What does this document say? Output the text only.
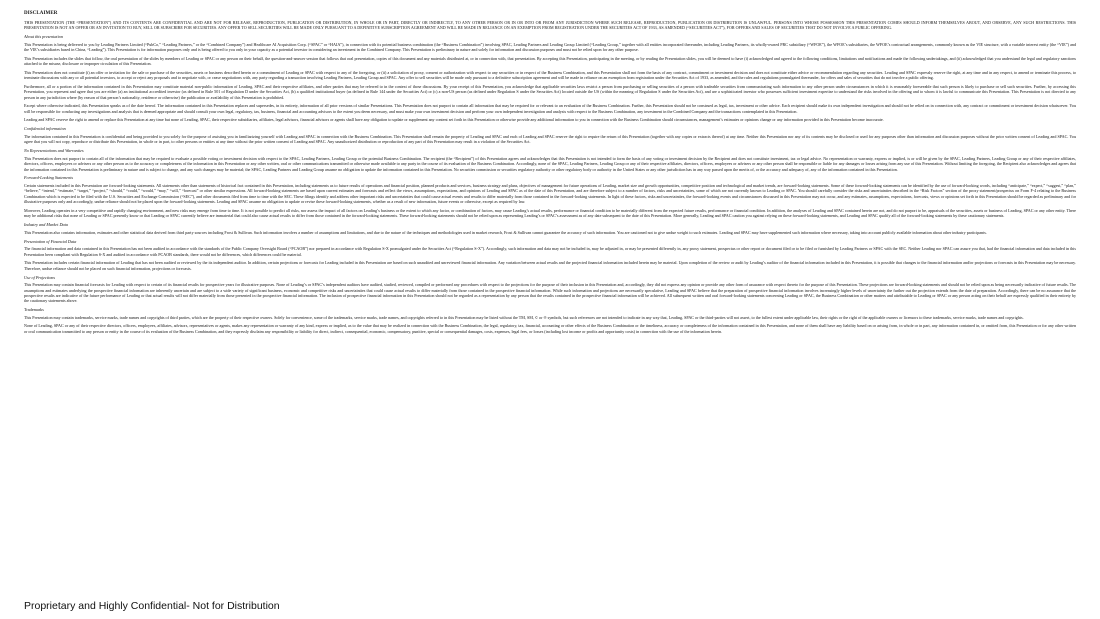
DISCLAIMER

THIS PRESENTATION (THE “PRESENTATION”) AND ITS CONTENTS ARE CONFIDENTIAL AND ARE NOT FOR RELEASE, REPRODUCTION, PUBLICATION OR DISTRIBUTION, IN WHOLE OR IN PART, DIRECTLY OR INDIRECTLY, TO ANY OTHER PERSON OR IN OR INTO OR FROM ANY JURISDICTION WHERE SUCH RELEASE, REPRODUCTION, PUBLICATION OR DISTRIBUTION IS UNLAWFUL. PERSONS INTO WHOSE POSSESSION THIS PRESENTATION COMES SHOULD INFORM THEMSELVES ABOUT, AND OBSERVE, ANY SUCH RESTRICTIONS. THIS PRESENTATION IS NOT AN OFFER OR AN INVITATION TO BUY, SELL OR SUBSCRIBE FOR SECURITIES. ANY OFFER TO SELL SECURITIES WILL BE MADE ONLY PURSUANT TO A DEFINITIVE SUBSCRIPTION AGREEMENT AND WILL BE MADE IN RELIANCE ON AN EXEMPTION FROM REGISTRATION UNDER THE SECURITIES ACT OF 1933, AS AMENDED (“SECURITIES ACT”), FOR OFFERS AND SALES OF SECURITIES THAT DO NOT INVOLVE A PUBLIC OFFERING.

About this presentation

This Presentation is being delivered to you by Leading Partners Limited (“PubCo,” “Leading Partners,” or the “Combined Company”) and Healthcare AI Acquisition Corp. (“SPAC” or “HAIA”), in connection with its potential business combination (the “Business Combination”) involving SPAC, Leading Partners and Leading Group Limited (“Leading Group,” together with all entities incorporated thereunder, including Leading Partners, its wholly-owned PRC subsidiary (“WFOE”), the WFOE’s subsidiaries, the WFOE’s contractual arrangements, commonly known as the VIE structure, with a variable interest entity (the “VIE”) and the VIE’s subsidiaries based in China, “Leading”). This Presentation is for information purposes only and is being offered to you only in your capacity as a potential investor in considering an investment in the Combined Company. This Presentation is preliminary in nature and solely for information and discussion purposes and must not be relied upon for any other purpose.

This Presentation includes the slides that follow, the oral presentation of the slides by members of Leading or SPAC or any person on their behalf, the question-and-answer session that follows that oral presentation, copies of this document and any materials distributed at, or in connection with, that presentation. By accepting this Presentation, participating in the meeting, or by reading the Presentation slides, you will be deemed to have (i) acknowledged and agreed to the following conditions, limitations and notifications and made the following undertakings, and (ii) acknowledged that you understand the legal and regulatory sanctions attached to the misuse, disclosure or improper circulation of this Presentation.

This Presentation does not constitute (i) an offer or invitation for the sale or purchase of the securities, assets or business described herein or a commitment of Leading or SPAC with respect to any of the foregoing, or (ii) a solicitation of proxy, consent or authorization with respect to any securities or in respect of the Business Combination, and this Presentation shall not form the basis of any contract, commitment or investment decision and does not constitute either advice or recommendation regarding any securities. Leading and SPAC expressly reserve the right, at any time and in any respect, to amend or terminate this process, to terminate discussions with any or all potential investors, to accept or reject any proposals and to negotiate with, or cease negotiations with, any party regarding a transaction involving Leading Partners, Leading Group and SPAC. Any offer to sell securities will be made only pursuant to a definitive subscription agreement and will be made in reliance on an exemption from registration under the Securities Act of 1933, as amended, and the rules and regulations promulgated thereunder, for offers and sales of securities that do not involve a public offering.

Furthermore, all or a portion of the information contained in this Presentation may constitute material non-public information of Leading, SPAC and their respective affiliates, and other parties that may be referred to in the context of those discussions. By your receipt of this Presentation, you acknowledge that applicable securities laws restrict a person from purchasing or selling securities of a person with tradeable securities from communicating such information to any other person under circumstances in which it is reasonably foreseeable that such person is likely to purchase or sell such securities. Further, by accessing this Presentation, you represent and agree that you are either (a) an institutional accredited investor (as defined in Rule 501 of Regulation D under the Securities Act, (b) a qualified institutional buyer (as defined in Rule 144 under the Securities Act) or (c) a non-US person (as defined under Regulation S under the Securities Act) located outside the US (within the meaning of Regulation S under the Securities Act), and are a sophisticated investor who possesses sufficient investment expertise to understand the risks involved in the offering and to whom it is lawful to communicate this Presentation. This Presentation is not directed to any person in any jurisdiction where (by reason of that person’s nationality, residence or otherwise) the publication or availability of this Presentation is prohibited.

Except where otherwise indicated, this Presentation speaks as of the date hereof. The information contained in this Presentation replaces and supersedes, in its entirety, information of all prior versions of similar Presentations. This Presentation does not purport to contain all information that may be required for or relevant to an evaluation of the Business Combination. Further, this Presentation should not be construed as legal, tax, investment or other advice. Each recipient should make its own independent investigation and should not be relied on in connection with, any contract or commitment or investment decision whatsoever. You will be responsible for conducting any investigations and analysis that is deemed appropriate and should consult your own legal, regulatory, tax, business, financial and accounting advisors to the extent you deem necessary, and must make your own investment decision and perform your own independent investigation and analysis with respect to the Business Combination, any investment in the Combined Company and the transactions contemplated in this Presentation.

Leading and SPAC reserve the right to amend or replace this Presentation at any time but none of Leading, SPAC, their respective subsidiaries, affiliates, legal advisors, financial advisors or agents shall have any obligation to update or supplement any content set forth in this Presentation or otherwise provide any additional information to you in connection with the Business Combination should circumstances, management’s estimates or opinions change or any information provided in this Presentation become inaccurate.

Confidential information

The information contained in this Presentation is confidential and being provided to you solely for the purpose of assisting you in familiarizing yourself with Leading and SPAC in connection with the Business Combination. This Presentation shall remain the property of Leading and SPAC and each of Leading and SPAC reserve the right to require the return of this Presentation (together with any copies or extracts thereof) at any time. Neither this Presentation nor any of its contents may be disclosed or used for any purposes other than information and discussion purposes without the prior written consent of Leading and SPAC. You agree that you will not copy, reproduce or distribute this Presentation, in whole or in part, to other persons or entities at any time without the prior written consent of Leading and SPAC. Any unauthorized distribution or reproduction of any part of this Presentation may result in a violation of the Securities Act.

No Representations and Warranties

This Presentation does not purport to contain all of the information that may be required to evaluate a possible voting or investment decision with respect to the SPAC, Leading Partners, Leading Group or the potential Business Combination. The recipient (the “Recipient”) of this Presentation agrees and acknowledges that this Presentation is not intended to form the basis of any voting or investment decision by the Recipient and does not constitute investment, tax or legal advice. No representation or warranty, express or implied, is or will be given by the SPAC, Leading Partners, Leading Group or any of their respective affiliates, directors, officers, employees or advisers or any other person as to the accuracy or completeness of the information in this Presentation or any other written, oral or other communications transmitted or otherwise made available to any party in the course of its evaluation of the Business Combination. Accordingly, none of the SPAC, Leading Partners, Leading Group or any of their respective affiliates, directors, officers, employees or advisers or any other person shall be responsible or liable for any damages or losses arising from any use of this Presentation. Without limiting the foregoing, the Recipient also acknowledges and agrees that the information contained in this Presentation is preliminary in nature and is subject to change, and any such changes may be material; the SPAC, Leading Partners and Leading Group assume no obligation to update the information contained in this Presentation. No securities commission or securities regulatory authority or other regulatory body or authority in the United States or any other jurisdiction has in any way passed upon the merits of, or the accuracy and adequacy of, any of the information contained in this Presentation.

Forward-Looking Statements

Certain statements included in this Presentation are forward-looking statements. All statements other than statements of historical fact contained in this Presentation, including statements as to future results of operations and financial position, planned products and services, business strategy and plans, objectives of management for future operations of Leading, market size and growth opportunities, competitive position and technological and market trends, are forward-looking statements. Some of these forward-looking statements can be identified by the use of forward-looking words, including “anticipate,” “expect,” “suggest,” “plan,” “believe,” “intend,” “estimate,” “target,” “project,” “should,” “could,” “would,” “may,” “will,” “forecast” or other similar expressions. All forward-looking statements are based upon current estimates and forecasts and reflect the views, assumptions, expectations, and opinions of Leading and SPAC as of the date of this Presentation, and are therefore subject to a number of factors, risks and uncertainties, some of which are not currently known to Leading or SPAC. You should carefully consider the risks and uncertainties described in the “Risk Factors” section of the proxy statement/prospectus on Form F-4 relating to the Business Combination which is expected to be filed with the U.S. Securities and Exchange Commission (“SEC”), and other documents filed from time to time with the SEC. These filings identify and address other important risks and uncertainties that could cause actual events and results to differ materially from those contained in the forward-looking statements. In light of these factors, risks and uncertainties, the forward-looking events and circumstances discussed in this Presentation may not occur, and any estimates, assumptions, expectations, forecasts, views or opinions set forth in this Presentation should be regarded as preliminary and for illustrative purposes only and accordingly, undue reliance should not be placed upon the forward-looking statements. Leading and SPAC assume no obligation to update or revise these forward-looking statements, whether as a result of new information, future events or otherwise, except as required by law.

Moreover, Leading operates in a very competitive and rapidly changing environment, and new risks may emerge from time to time. It is not possible to predict all risks, nor assess the impact of all factors on Leading’s business or the extent to which any factor, or combination of factors, may cause Leading’s actual results, performance or financial condition to be materially different from the expected future results, performance or financial condition. In addition, the analyses of Leading and SPAC contained herein are not, and do not purport to be, appraisals of the securities, assets or business of Leading, SPAC or any other entity. There may be additional risks that none of Leading or SPAC presently know or that Leading or SPAC currently believe are immaterial that could also cause actual results to differ from those contained in the forward-looking statements. These forward-looking statements should not be relied upon as representing Leading’s or SPAC’s assessment as of any date subsequent to the date of this Presentation. More generally, Leading and SPAC caution you against relying on these forward-looking statements, and Leading and SPAC qualify all of the forward-looking statements by these cautionary statements.

Industry and Market Data

This Presentation also contains information, estimates and other statistical data derived from third party sources including Frost & Sullivan. Such information involves a number of assumptions and limitations, and due to the nature of the techniques and methodologies used in market research, Frost & Sullivan cannot guarantee the accuracy of such information. You are cautioned not to give undue weight to such estimates. Leading and SPAC may have supplemented such information where necessary, taking into account publicly available information about other industry participants.

Presentation of Financial Data

The financial information and data contained in this Presentation has not been audited in accordance with the standards of the Public Company Oversight Board (“PCAOB”) nor prepared in accordance with Regulation S-X promulgated under the Securities Act (“Regulation S-X”). Accordingly, such information and data may not be included in, may be adjusted in, or may be presented differently in, any proxy statement, prospectus or other report or document filed or to be filed or furnished by Leading Partners or SPAC with the SEC. Neither Leading nor SPAC can assure you that, had the financial information and data included in this Presentation been compliant with Regulation S-X and audited in accordance with PCAOB standards, there would not be differences, which differences could be material.

This Presentation includes certain financial information of Leading that has not been audited or reviewed by the its independent auditor. In addition, certain projections or forecasts for Leading included in this Presentation are based on such unaudited and unreviewed financial information. Any variation between actual results and the projected financial information included herein may be material. Upon completion of the review or audit by Leading’s auditor of the financial information included in this Presentation, it is possible that changes to the financial information and/or projections or forecasts in this Presentation may be necessary. Therefore, undue reliance should not be placed on such financial information, projections or forecasts.

Use of Projections

This Presentation may contain financial forecasts for Leading with respect to certain of its financial results for prospective years for illustrative purposes. None of Leading’s or SPAC’s independent auditors have audited, studied, reviewed, compiled or performed any procedures with respect to the projections for the purpose of their inclusion in this Presentation and, accordingly, they did not express any opinion or provide any other form of assurance with respect thereto for the purpose of this Presentation. These projections are forward-looking statements and should not be relied upon as being necessarily indicative of future results. The assumptions and estimates underlying the prospective financial information are inherently uncertain and are subject to a wide variety of significant business, economic and competitive risks and uncertainties that could cause actual results to differ materially from those contained in the prospective financial information. While such information and projections are necessarily speculative, Leading and SPAC believe that the preparation of prospective financial information involves increasingly higher levels of uncertainty the further out the projection extends from the date of preparation. Accordingly, there can be no assurance that the prospective results are indicative of the future performance of Leading or that actual results will not differ materially from those presented in the prospective financial information. The inclusion of prospective financial information in this Presentation should not be regarded as a representation by any person that the results contained in the prospective financial information will be achieved. All subsequent written and oral forward-looking statements concerning Leading or SPAC, the Business Combination or other matters and attributable to Leading or SPAC or any person acting on their behalf are expressly qualified in their entirety by the cautionary statements above.

Trademarks

This Presentation may contain trademarks, service marks, trade names and copyrights of third parties, which are the property of their respective owners. Solely for convenience, some of the trademarks, service marks, trade names, and copyrights referred to in this Presentation may be listed without the TM, SM, © or ® symbols, but such references are not intended to indicate in any way that, Leading, SPAC or the third-parties will not assert, to the fullest extent under applicable law, their rights or the right of the applicable owners or licensors to these trademarks, service marks, trade names and copyrights.

None of Leading, SPAC or any of their respective directors, officers, employees, affiliates, advisors, representatives or agents, makes any representation or warranty of any kind, express or implied, as to the value that may be realized in connection with the Business Combination, the legal, regulatory, tax, financial, accounting or other effects of the Business Combination or the timeliness, accuracy or completeness of the information contained in this Presentation, and none of them shall have any liability based on or arising from, in whole or in part, any information contained in, or omitted from, this Presentation or for any other written or oral communication transmitted to any person or entity in the course of its evaluation of the Business Combination, and they expressly disclaim any responsibility or liability for direct, indirect, consequential, economic, compensatory, punitive, special or consequential damages, costs, expenses, legal fees, or losses (including lost income or profits and opportunity costs) in connection with the use of the information herein.

Proprietary and Highly Confidential- Not for Distribution
